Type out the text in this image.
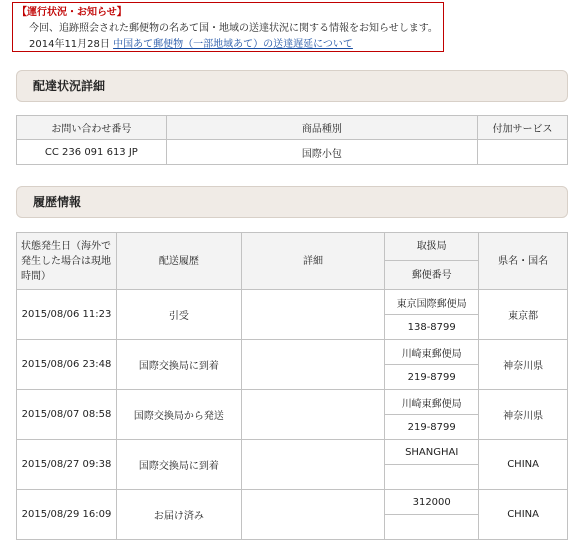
【運行状況・お知らせ】
今回、追跡照会された郵便物の名あて国・地域の送達状況に関する情報をお知らせします。
2014年11月28日 中国あて郵便物（一部地域あて）の送達遅延について
配達状況詳細
お問い合わせ番号	商品種別	付加サービス
CC 236 091 613 JP	国際小包	
履歴情報
状態発生日（海外で発生した場合は現地時間）	配送履歴	詳細	取扱局	県名・国名
			郵便番号	
2015/08/06 11:23	引受		東京国際郵便局	東京都
			138-8799	
2015/08/06 23:48	国際交換局に到着		川崎東郵便局	神奈川県
			219-8799	
2015/08/07 08:58	国際交換局から発送		川崎東郵便局	神奈川県
			219-8799	
2015/08/27 09:38	国際交換局に到着		SHANGHAI	CHINA

2015/08/29 16:09	お届け済み		312000	CHINA
